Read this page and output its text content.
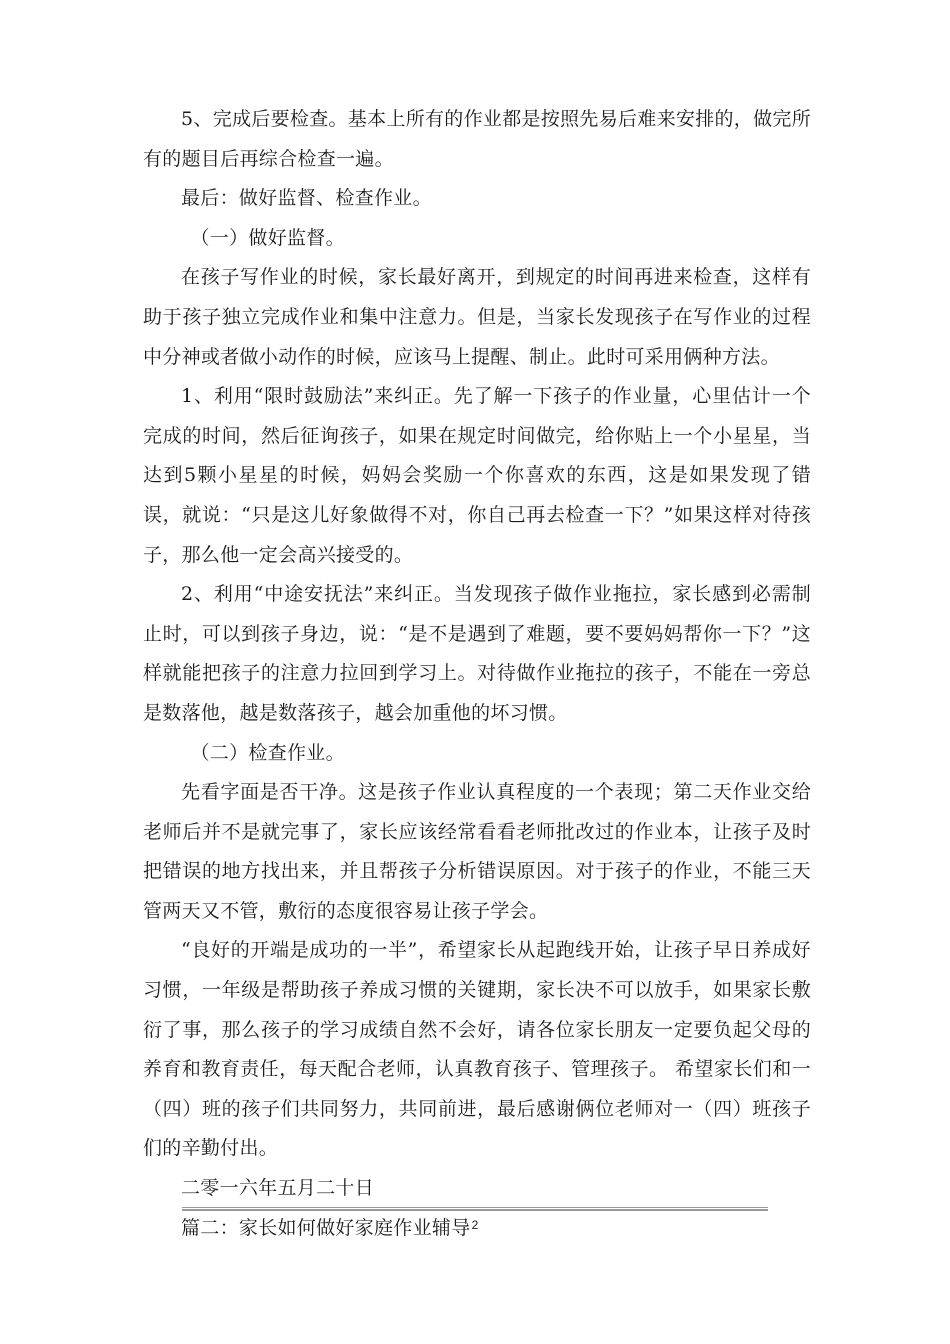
5、完成后要检查。基本上所有的作业都是按照先易后难来安排的，做完所有的题目后再综合检查一遍。

最后：做好监督、检查作业。

（一）做好监督。

在孩子写作业的时候，家长最好离开，到规定的时间再进来检查，这样有助于孩子独立完成作业和集中注意力。但是，当家长发现孩子在写作业的过程中分神或者做小动作的时候，应该马上提醒、制止。此时可采用俩种方法。

1、利用“限时鼓励法”来纠正。先了解一下孩子的作业量，心里估计一个完成的时间，然后征询孩子，如果在规定时间做完，给你贴上一个小星星，当达到5颗小星星的时候，妈妈会奖励一个你喜欢的东西，这是如果发现了错误，就说：“只是这儿好象做得不对，你自己再去检查一下？”如果这样对待孩子，那么他一定会高兴接受的。

2、利用“中途安抚法”来纠正。当发现孩子做作业拖拉，家长感到必需制止时，可以到孩子身边，说：“是不是遇到了难题，要不要妈妈帮你一下？”这样就能把孩子的注意力拉回到学习上。对待做作业拖拉的孩子，不能在一旁总是数落他，越是数落孩子，越会加重他的坏习惯。

（二）检查作业。

先看字面是否干净。这是孩子作业认真程度的一个表现；第二天作业交给老师后并不是就完事了，家长应该经常看看老师批改过的作业本，让孩子及时把错误的地方找出来，并且帮孩子分析错误原因。对于孩子的作业，不能三天管两天又不管，敷衍的态度很容易让孩子学会。

“良好的开端是成功的一半”，希望家长从起跑线开始，让孩子早日养成好习惯，一年级是帮助孩子养成习惯的关键期，家长决不可以放手，如果家长敷衍了事，那么孩子的学习成绩自然不会好，请各位家长朋友一定要负起父母的养育和教育责任，每天配合老师，认真教育孩子、管理孩子。 希望家长们和一（四）班的孩子们共同努力，共同前进，最后感谢俩位老师对一（四）班孩子们的辛勤付出。

二零一六年五月二十日

篇二：家长如何做好家庭作业辅导 2
